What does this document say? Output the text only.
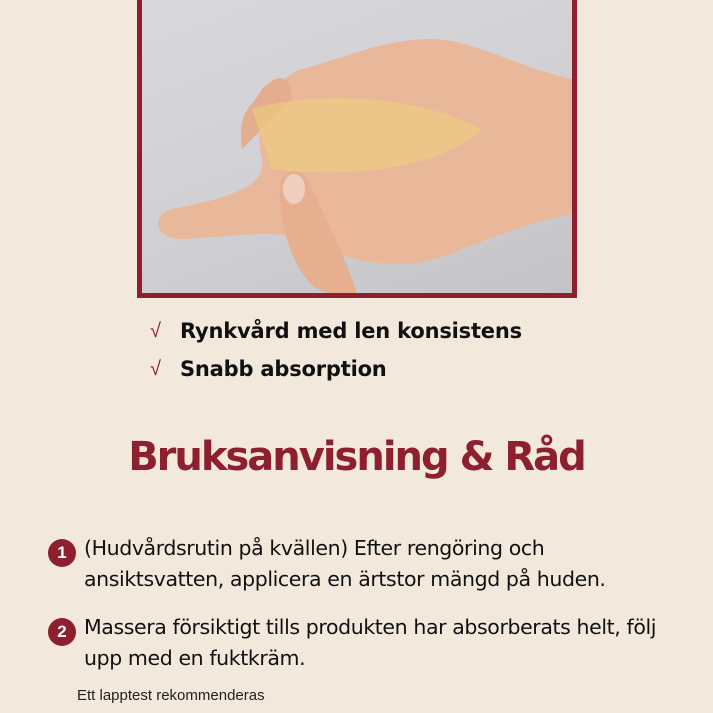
√ Rynkvård med len konsistens
√ Snabb absorption
Bruksanvisning & Råd
1 (Hudvårdsrutin på kvällen) Efter rengöring och ansiktsvatten, applicera en ärtstor mängd på huden.
2 Massera försiktigt tills produkten har absorberats helt, följ upp med en fuktkräm.
Ett lapptest rekommenderas
